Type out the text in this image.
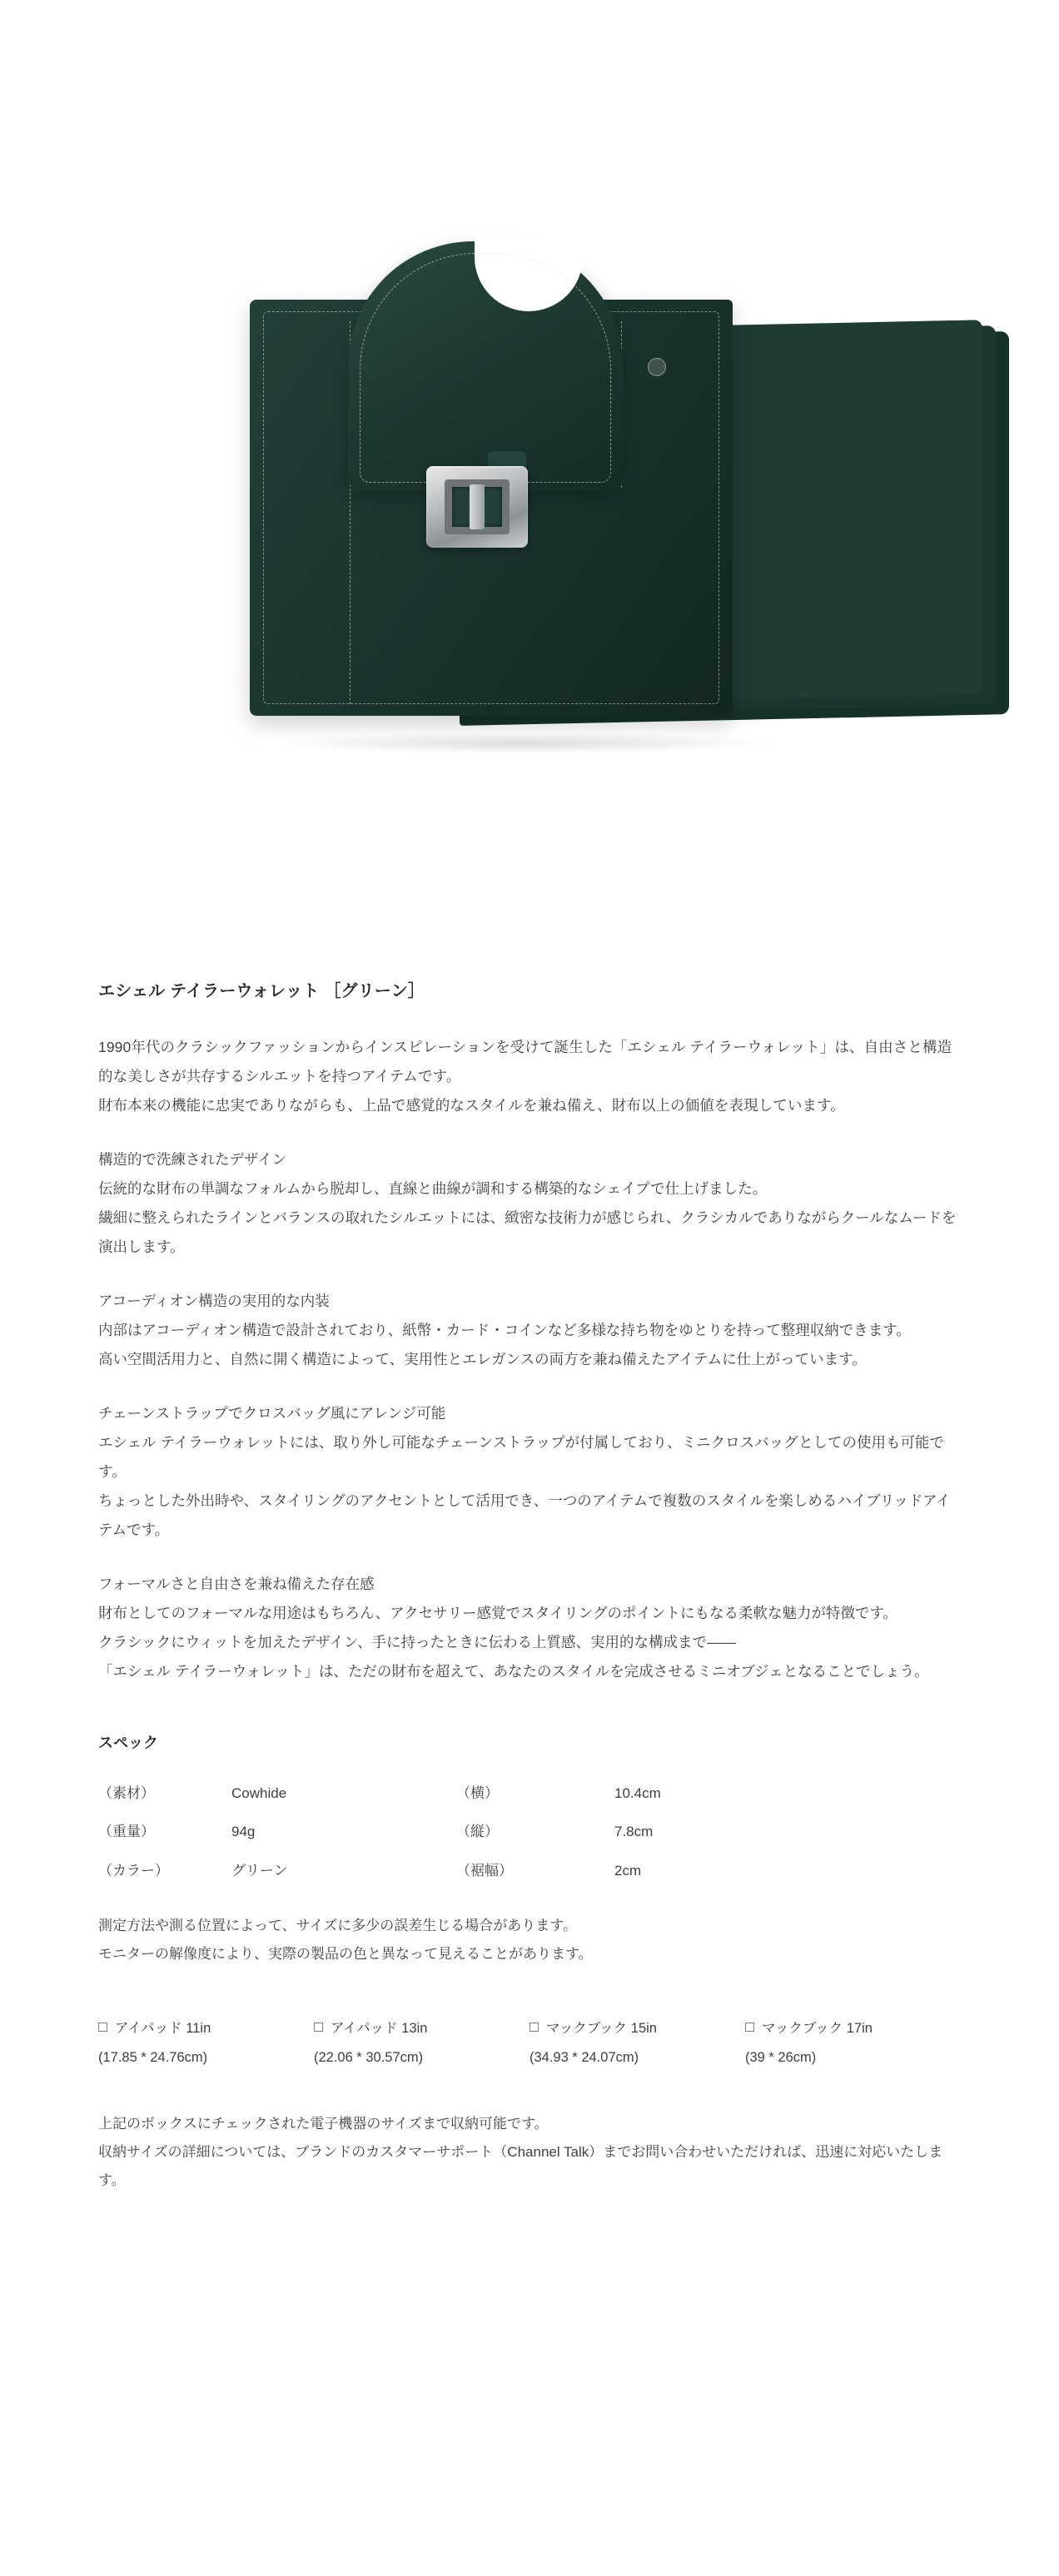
エシェル テイラーウォレット ［グリーン］

1990年代のクラシックファッションからインスピレーションを受けて誕生した「エシェル テイラーウォレット」は、自由さと構造的な美しさが共存するシルエットを持つアイテムです。

財布本来の機能に忠実でありながらも、上品で感覚的なスタイルを兼ね備え、財布以上の価値を表現しています。

構造的で洗練されたデザイン

伝統的な財布の単調なフォルムから脱却し、直線と曲線が調和する構築的なシェイプで仕上げました。

繊細に整えられたラインとバランスの取れたシルエットには、緻密な技術力が感じられ、クラシカルでありながらクールなムードを演出します。

アコーディオン構造の実用的な内装

内部はアコーディオン構造で設計されており、紙幣・カード・コインなど多様な持ち物をゆとりを持って整理収納できます。

高い空間活用力と、自然に開く構造によって、実用性とエレガンスの両方を兼ね備えたアイテムに仕上がっています。

チェーンストラップでクロスバッグ風にアレンジ可能

エシェル テイラーウォレットには、取り外し可能なチェーンストラップが付属しており、ミニクロスバッグとしての使用も可能です。

ちょっとした外出時や、スタイリングのアクセントとして活用でき、一つのアイテムで複数のスタイルを楽しめるハイブリッドアイテムです。

フォーマルさと自由さを兼ね備えた存在感

財布としてのフォーマルな用途はもちろん、アクセサリー感覚でスタイリングのポイントにもなる柔軟な魅力が特徴です。

クラシックにウィットを加えたデザイン、手に持ったときに伝わる上質感、実用的な構成まで——

「エシェル テイラーウォレット」は、ただの財布を超えて、あなたのスタイルを完成させるミニオブジェとなることでしょう。

スペック
（素材）	Cowhide	（横）	10.4cm
（重量）	94g	（縦）	7.8cm
（カラー）	グリーン	（裾幅）	2cm

測定方法や測る位置によって、サイズに多少の誤差生じる場合があります。

モニターの解像度により、実際の製品の色と異なって見えることがあります。

アイパッド 11in
(17.85 * 24.76cm)
アイパッド 13in
(22.06 * 30.57cm)
マックブック 15in
(34.93 * 24.07cm)
マックブック 17in
(39 * 26cm)

上記のボックスにチェックされた電子機器のサイズまで収納可能です。

収納サイズの詳細については、ブランドのカスタマーサポート（Channel Talk）までお問い合わせいただければ、迅速に対応いたします。
